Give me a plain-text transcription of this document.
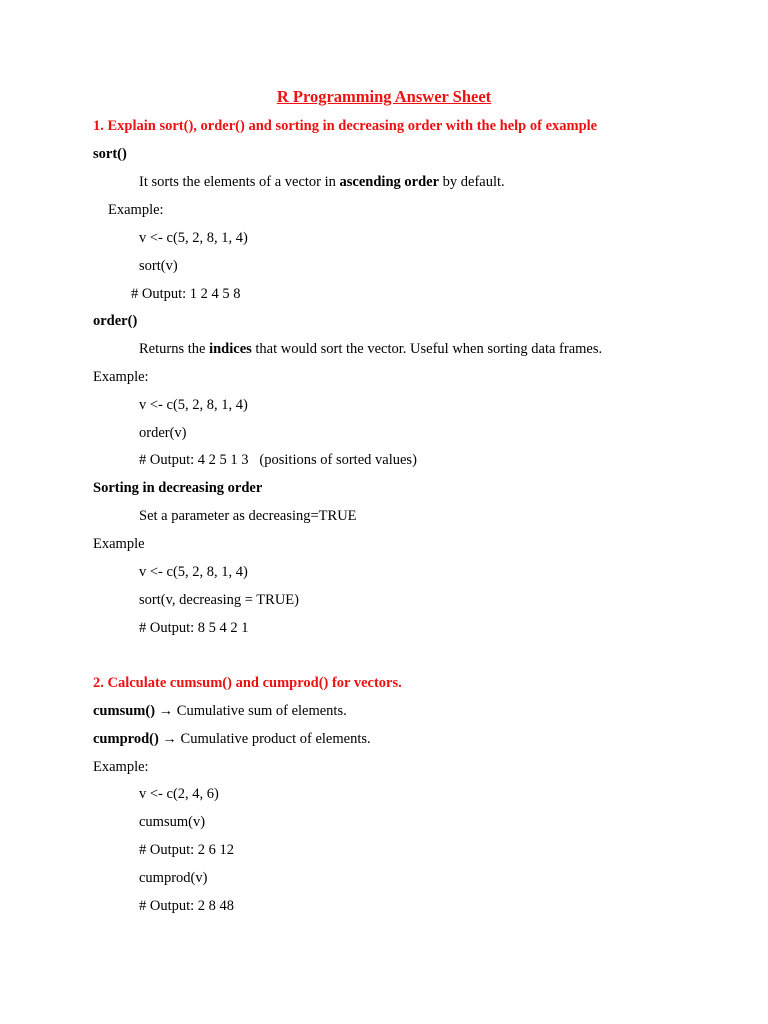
R Programming Answer Sheet
1. Explain sort(), order() and sorting in decreasing order with the help of example
sort()
It sorts the elements of a vector in ascending order by default.
Example:
v <- c(5, 2, 8, 1, 4)
sort(v)
# Output: 1 2 4 5 8
order()
Returns the indices that would sort the vector. Useful when sorting data frames.
Example:
v <- c(5, 2, 8, 1, 4)
order(v)
# Output: 4 2 5 1 3   (positions of sorted values)
Sorting in decreasing order
Set a parameter as decreasing=TRUE
Example
v <- c(5, 2, 8, 1, 4)
sort(v, decreasing = TRUE)
# Output: 8 5 4 2 1
2. Calculate cumsum() and cumprod() for vectors.
cumsum() → Cumulative sum of elements.
cumprod() → Cumulative product of elements.
Example:
v <- c(2, 4, 6)
cumsum(v)
# Output: 2 6 12
cumprod(v)
# Output: 2 8 48
